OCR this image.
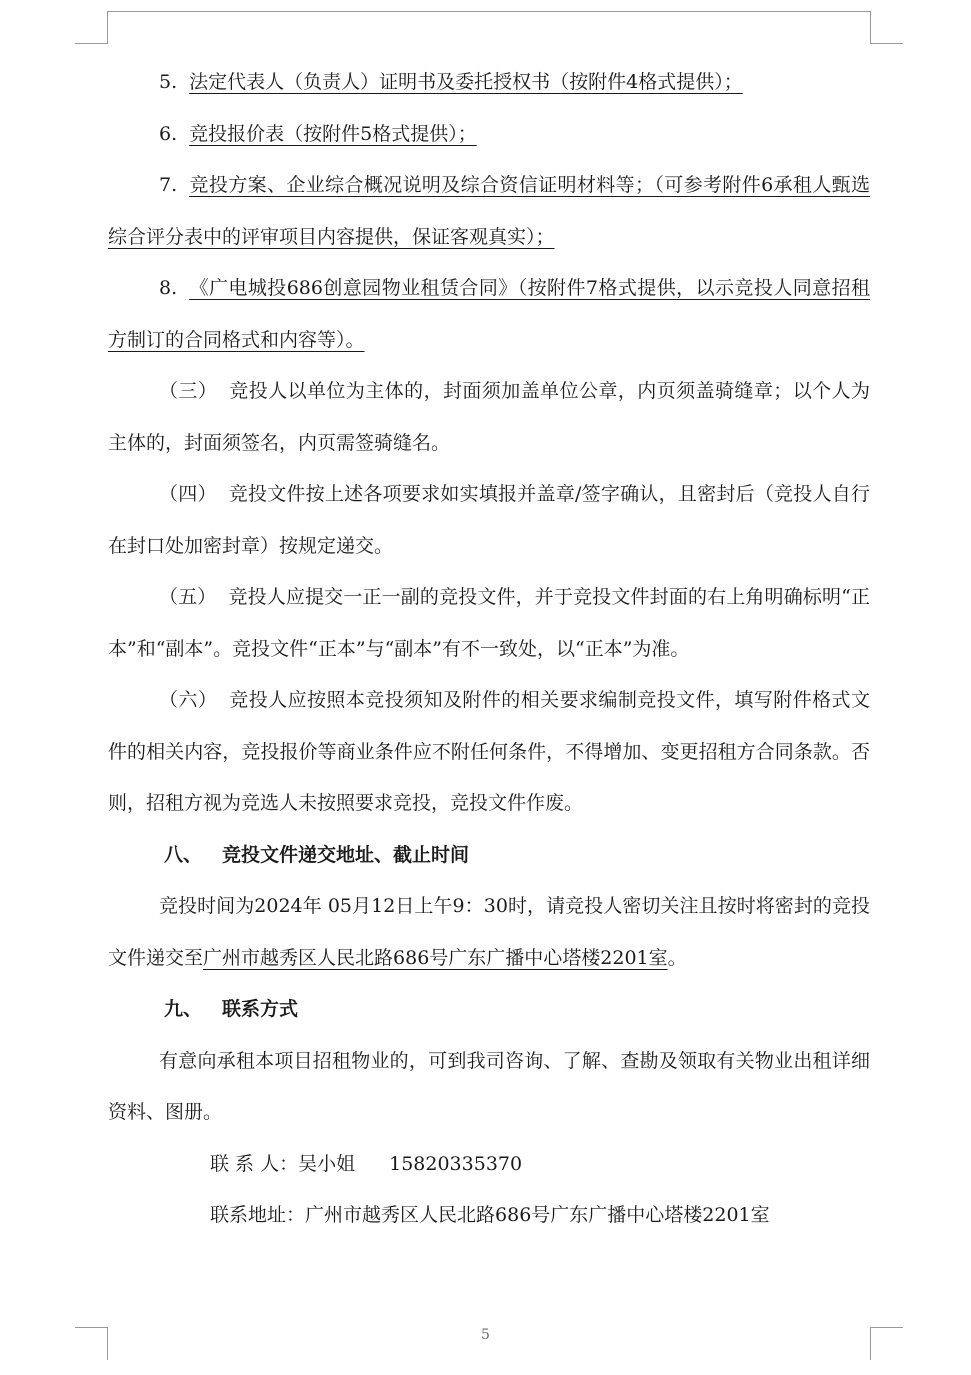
5. 法定代表人（负责人）证明书及委托授权书（按附件4格式提供）；

6. 竞投报价表（按附件5格式提供）；

7. 竞投方案、企业综合概况说明及综合资信证明材料等；（可参考附件6承租人甄选综合评分表中的评审项目内容提供，保证客观真实）；

8. 《广电城投686创意园物业租赁合同》（按附件7格式提供，以示竞投人同意招租方制订的合同格式和内容等）。

（三） 竞投人以单位为主体的，封面须加盖单位公章，内页须盖骑缝章；以个人为主体的，封面须签名，内页需签骑缝名。

（四） 竞投文件按上述各项要求如实填报并盖章/签字确认，且密封后（竞投人自行在封口处加密封章）按规定递交。

（五） 竞投人应提交一正一副的竞投文件，并于竞投文件封面的右上角明确标明“正本”和“副本”。竞投文件“正本”与“副本”有不一致处，以“正本”为准。

（六） 竞投人应按照本竞投须知及附件的相关要求编制竞投文件，填写附件格式文件的相关内容，竞投报价等商业条件应不附任何条件，不得增加、变更招租方合同条款。否则，招租方视为竞选人未按照要求竞投，竞投文件作废。

八、 竞投文件递交地址、截止时间

竞投时间为2024年 05月12日上午9：30时，请竞投人密切关注且按时将密封的竞投文件递交至广州市越秀区人民北路686号广东广播中心塔楼2201室。

九、 联系方式

有意向承租本项目招租物业的，可到我司咨询、了解、查勘及领取有关物业出租详细资料、图册。

联 系 人：吴小姐 15820335370

联系地址：广州市越秀区人民北路686号广东广播中心塔楼2201室

5
